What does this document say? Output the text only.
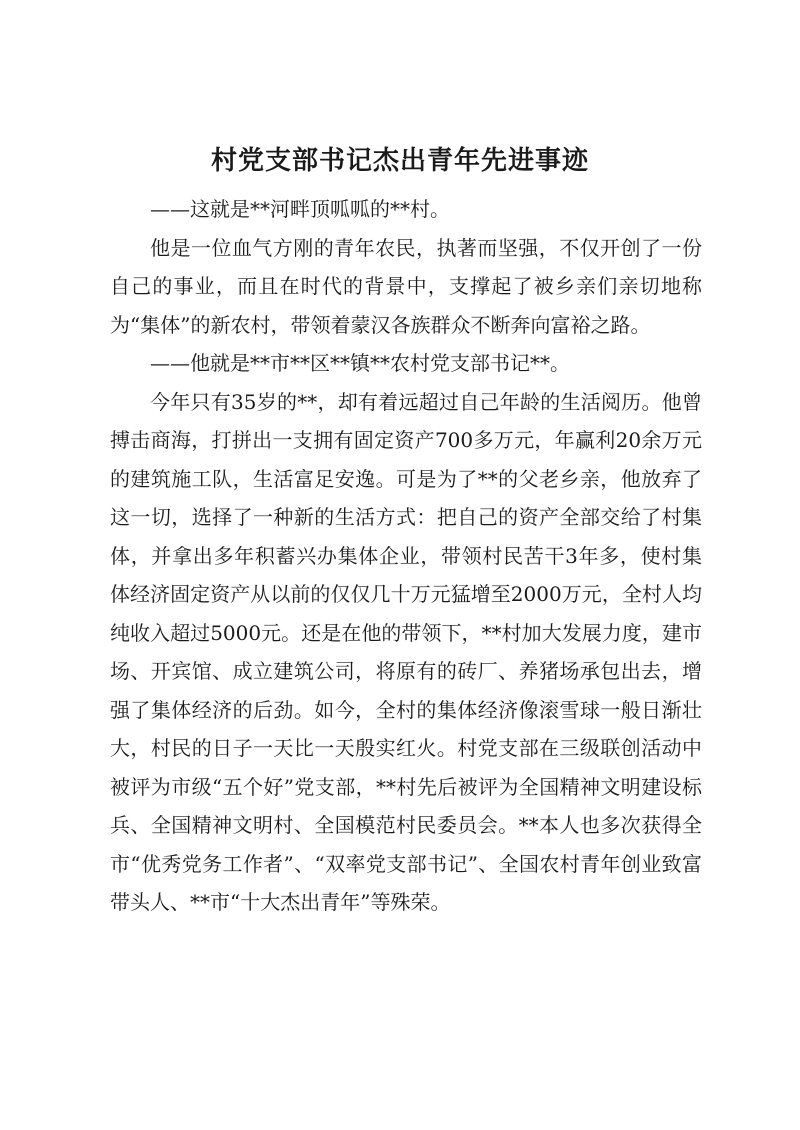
村党支部书记杰出青年先进事迹

——这就是**河畔顶呱呱的**村。

他是一位血气方刚的青年农民，执著而坚强，不仅开创了一份自己的事业，而且在时代的背景中，支撑起了被乡亲们亲切地称为“集体”的新农村，带领着蒙汉各族群众不断奔向富裕之路。

——他就是**市**区**镇**农村党支部书记**。

今年只有35岁的**，却有着远超过自己年龄的生活阅历。他曾搏击商海，打拼出一支拥有固定资产700多万元，年赢利20余万元的建筑施工队，生活富足安逸。可是为了**的父老乡亲，他放弃了这一切，选择了一种新的生活方式：把自己的资产全部交给了村集体，并拿出多年积蓄兴办集体企业，带领村民苦干3年多，使村集体经济固定资产从以前的仅仅几十万元猛增至2000万元，全村人均纯收入超过5000元。还是在他的带领下，**村加大发展力度，建市场、开宾馆、成立建筑公司，将原有的砖厂、养猪场承包出去，增强了集体经济的后劲。如今，全村的集体经济像滚雪球一般日渐壮大，村民的日子一天比一天殷实红火。村党支部在三级联创活动中被评为市级“五个好”党支部，**村先后被评为全国精神文明建设标兵、全国精神文明村、全国模范村民委员会。**本人也多次获得全市“优秀党务工作者”、“双率党支部书记”、全国农村青年创业致富带头人、**市“十大杰出青年”等殊荣。
